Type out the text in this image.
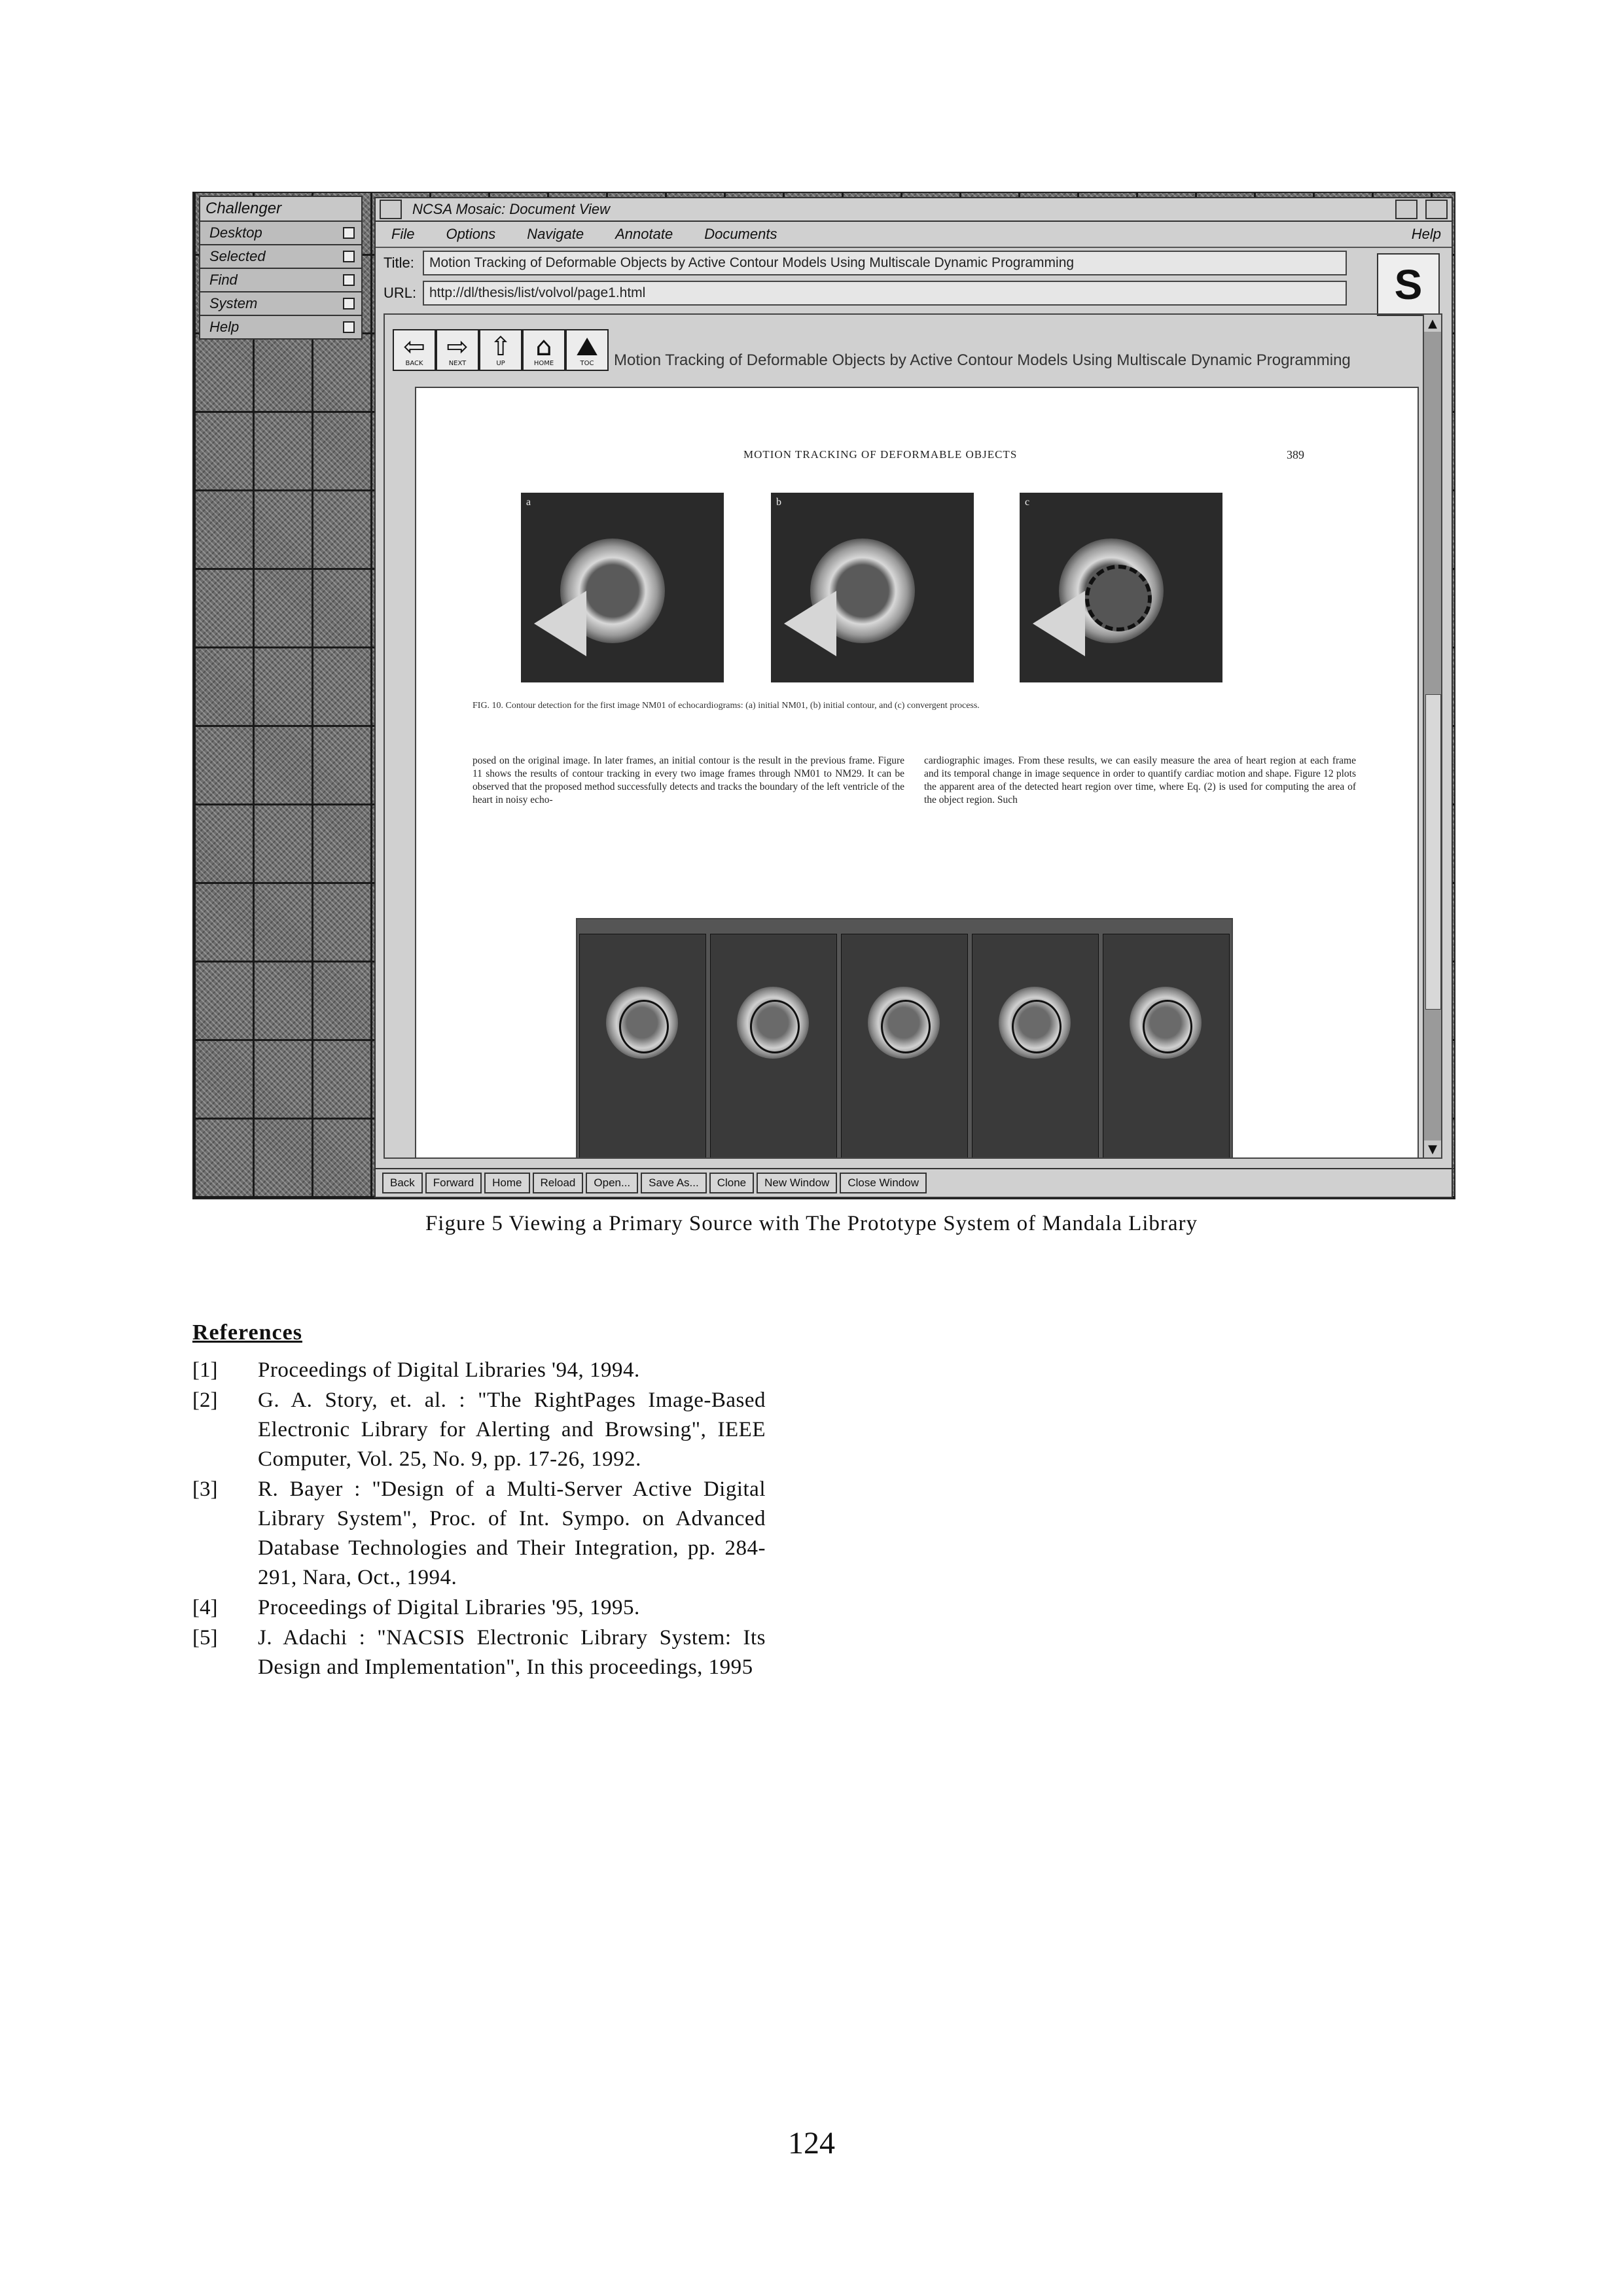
Challenger
Desktop
Selected
Find
System
Help
NCSA Mosaic: Document View
File	Options	Navigate	Annotate	Documents	Help
Title:	Motion Tracking of Deformable Objects by Active Contour Models Using Multiscale Dynamic Programming
URL: http://dl/thesis/list/volvol/page1.html	S
⇦
BACK
⇨
NEXT
⇧
UP
⌂
HOME
⛰
TOC Motion Tracking of Deformable Objects by Active Contour Models Using Multiscale Dynamic Programming
MOTION TRACKING OF DEFORMABLE OBJECTS	389
a	b	c
FIG. 10. Contour detection for the first image NM01 of echocardiograms: (a) initial NM01, (b) initial contour, and (c) convergent process.
posed on the original image. In later frames, an initial contour is the result in the previous frame. Figure 11 shows the results of contour tracking in every two image frames through NM01 to NM29. It can be observed that the proposed method successfully detects and tracks the boundary of the left ventricle of the heart in noisy echo-
cardiographic images. From these results, we can easily measure the area of heart region at each frame and its temporal change in image sequence in order to quantify cardiac motion and shape. Figure 12 plots the apparent area of the detected heart region over time, where Eq. (2) is used for computing the area of the object region. Such
▲
▼
Back	Forward	Home	Reload	Open...	Save As...	Clone	New Window	Close Window
Figure 5 Viewing a Primary Source with The Prototype System of Mandala Library
References
[1]	Proceedings of Digital Libraries '94, 1994.
[2]	G. A. Story, et. al. : "The RightPages Image-Based Electronic Library for Alerting and Browsing", IEEE Computer, Vol. 25, No. 9, pp. 17-26, 1992.
[3]	R. Bayer : "Design of a Multi-Server Active Digital Library System", Proc. of Int. Sympo. on Advanced Database Technologies and Their Integration, pp. 284-291, Nara, Oct., 1994.
[4]	Proceedings of Digital Libraries '95, 1995.
[5]	J. Adachi : "NACSIS Electronic Library System: Its Design and Implementation", In this proceedings, 1995
124
